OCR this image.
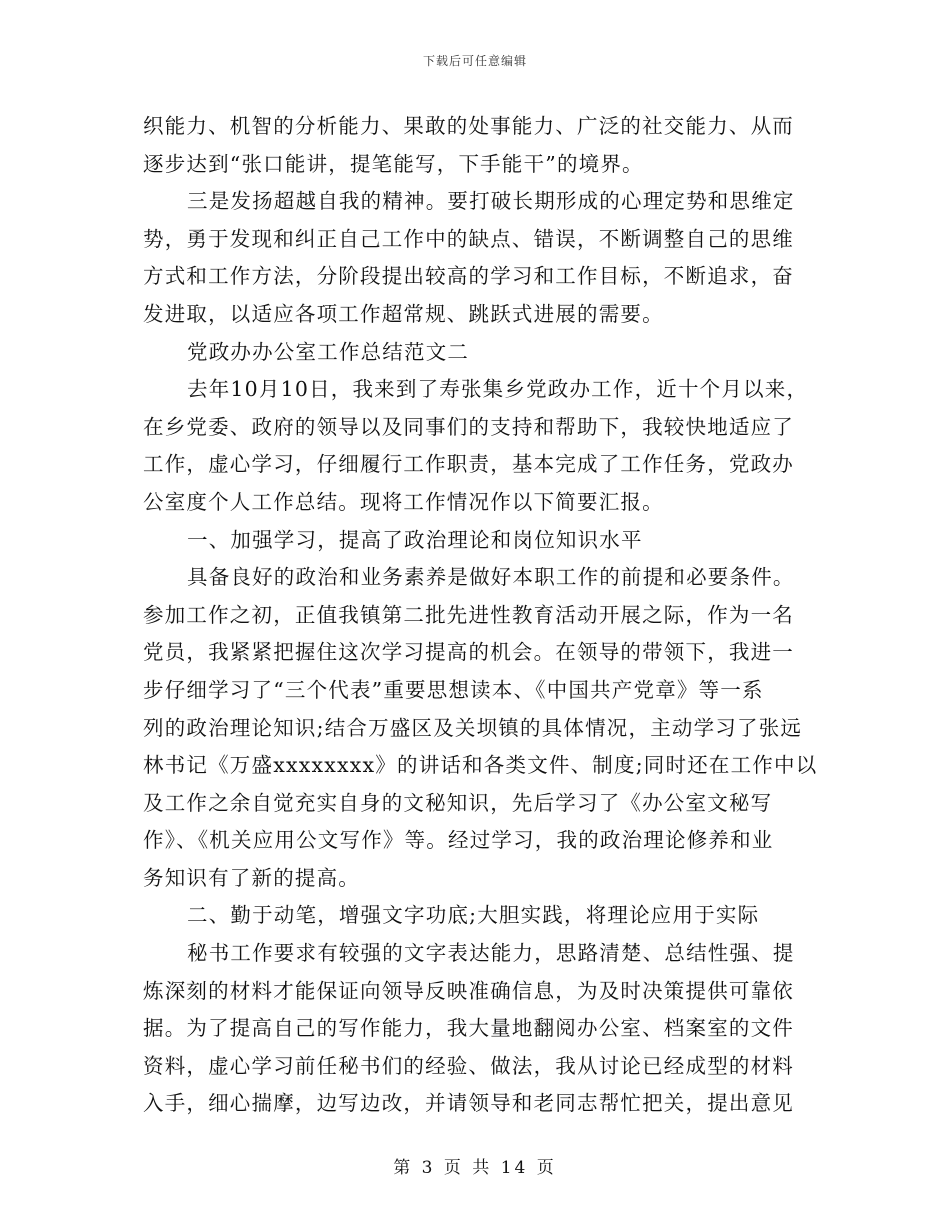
下载后可任意编辑
织能力、机智的分析能力、果敢的处事能力、广泛的社交能力、从而
逐步达到“张口能讲，提笔能写，下手能干”的境界。
三是发扬超越自我的精神。要打破长期形成的心理定势和思维定
势，勇于发现和纠正自己工作中的缺点、错误，不断调整自己的思维
方式和工作方法，分阶段提出较高的学习和工作目标，不断追求，奋
发进取，以适应各项工作超常规、跳跃式进展的需要。
党政办办公室工作总结范文二
去年10月10日，我来到了寿张集乡党政办工作，近十个月以来，
在乡党委、政府的领导以及同事们的支持和帮助下，我较快地适应了
工作，虚心学习，仔细履行工作职责，基本完成了工作任务，党政办
公室度个人工作总结。现将工作情况作以下简要汇报。
一、加强学习，提高了政治理论和岗位知识水平
具备良好的政治和业务素养是做好本职工作的前提和必要条件。
参加工作之初，正值我镇第二批先进性教育活动开展之际，作为一名
党员，我紧紧把握住这次学习提高的机会。在领导的带领下，我进一
步仔细学习了“三个代表”重要思想读本、《中国共产党章》等一系
列的政治理论知识;结合万盛区及关坝镇的具体情况，主动学习了张远
林书记《万盛xxxxxxxx》的讲话和各类文件、制度;同时还在工作中以
及工作之余自觉充实自身的文秘知识，先后学习了《办公室文秘写
作》、《机关应用公文写作》等。经过学习，我的政治理论修养和业
务知识有了新的提高。
二、勤于动笔，增强文字功底;大胆实践，将理论应用于实际
秘书工作要求有较强的文字表达能力，思路清楚、总结性强、提
炼深刻的材料才能保证向领导反映准确信息，为及时决策提供可靠依
据。为了提高自己的写作能力，我大量地翻阅办公室、档案室的文件
资料，虚心学习前任秘书们的经验、做法，我从讨论已经成型的材料
入手，细心揣摩，边写边改，并请领导和老同志帮忙把关，提出意见
第 3 页 共 14 页
